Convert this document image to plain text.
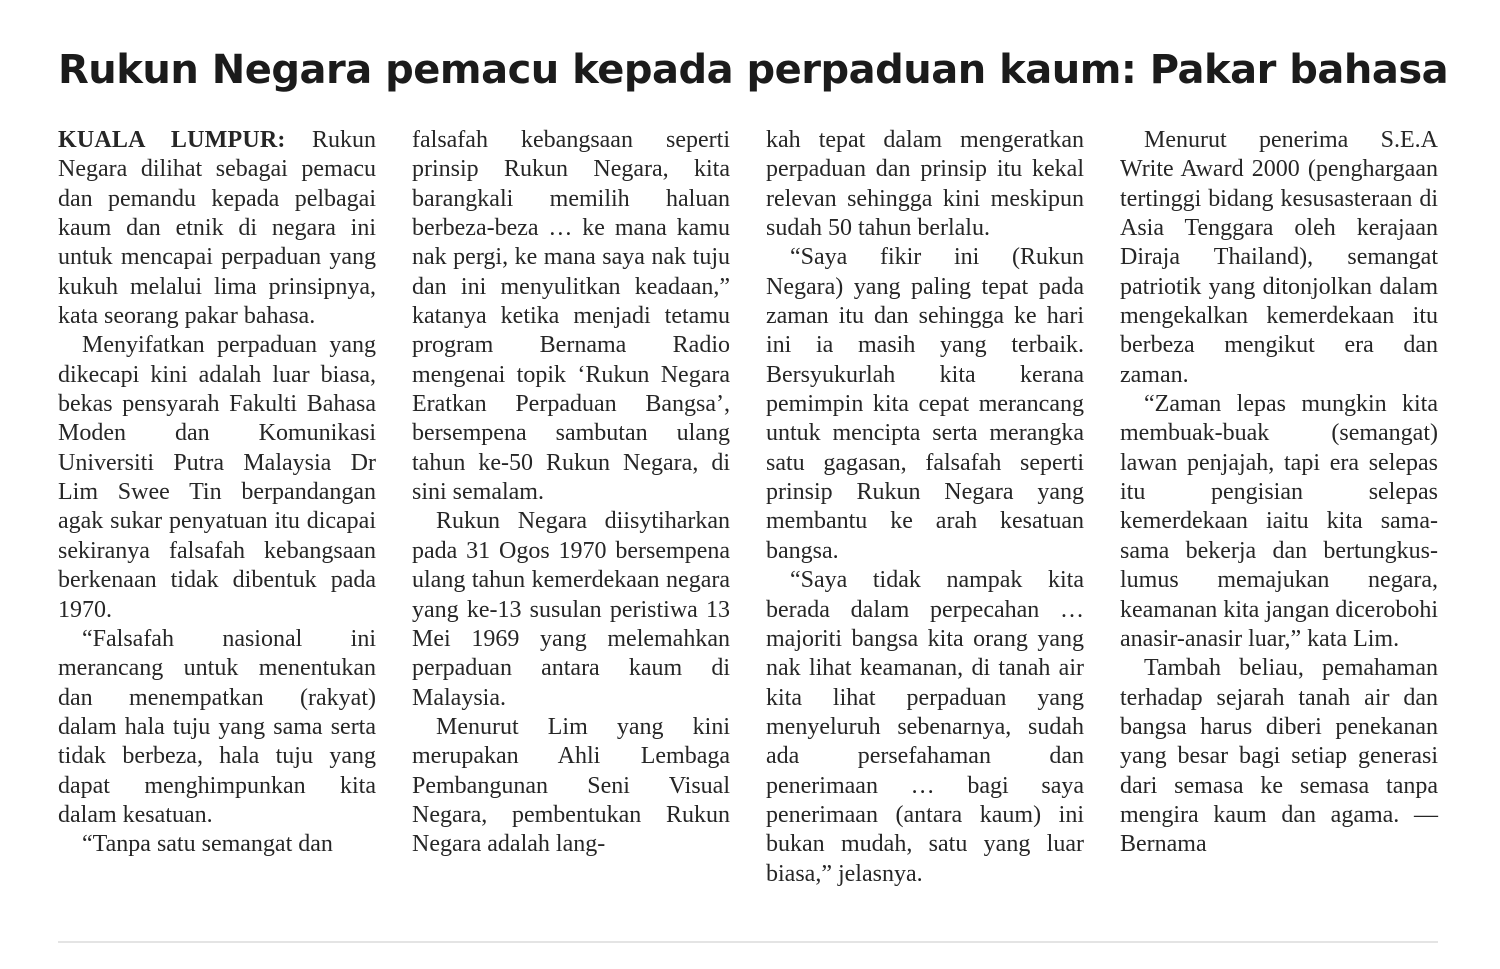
Rukun Negara pemacu kepada perpaduan kaum: Pakar bahasa

KUALA LUMPUR: Rukun Negara dilihat sebagai pemacu dan pemandu kepada pelbagai kaum dan etnik di negara ini untuk mencapai perpaduan yang kukuh melalui lima prinsipnya, kata seorang pakar bahasa.

Menyifatkan perpaduan yang dikecapi kini adalah luar biasa, bekas pensyarah Fakulti Bahasa Moden dan Komunikasi Universiti Putra Malaysia Dr Lim Swee Tin berpandangan agak sukar penyatuan itu dicapai sekiranya falsafah kebangsaan berkenaan tidak dibentuk pada 1970.

“Falsafah nasional ini merancang untuk menentukan dan menempatkan (rakyat) dalam hala tuju yang sama serta tidak berbeza, hala tuju yang dapat menghimpunkan kita dalam kesatuan.

“Tanpa satu semangat dan

falsafah kebangsaan seperti prinsip Rukun Negara, kita barangkali memilih haluan berbeza-beza … ke mana kamu nak pergi, ke mana saya nak tuju dan ini menyulitkan keadaan,” katanya ketika menjadi tetamu program Bernama Radio mengenai topik ‘Rukun Negara Eratkan Perpaduan Bangsa’, bersempena sambutan ulang tahun ke-50 Rukun Negara, di sini semalam.

Rukun Negara diisytiharkan pada 31 Ogos 1970 bersempena ulang tahun kemerdekaan negara yang ke-13 susulan peristiwa 13 Mei 1969 yang melemahkan perpaduan antara kaum di Malaysia.

Menurut Lim yang kini merupakan Ahli Lembaga Pembangunan Seni Visual Negara, pembentukan Rukun Negara adalah lang-

kah tepat dalam mengeratkan perpaduan dan prinsip itu kekal relevan sehingga kini meskipun sudah 50 tahun berlalu.

“Saya fikir ini (Rukun Negara) yang paling tepat pada zaman itu dan sehingga ke hari ini ia masih yang terbaik. Bersyukurlah kita kerana pemimpin kita cepat merancang untuk mencipta serta merangka satu gagasan, falsafah seperti prinsip Rukun Negara yang membantu ke arah kesatuan bangsa.

“Saya tidak nampak kita berada dalam perpecahan … majoriti bangsa kita orang yang nak lihat keamanan, di tanah air kita lihat perpaduan yang menyeluruh sebenarnya, sudah ada persefahaman dan penerimaan … bagi saya penerimaan (antara kaum) ini bukan mudah, satu yang luar biasa,” jelasnya.

Menurut penerima S.E.A Write Award 2000 (penghargaan tertinggi bidang kesusasteraan di Asia Tenggara oleh kerajaan Diraja Thailand), semangat patriotik yang ditonjolkan dalam mengekalkan kemerdekaan itu berbeza mengikut era dan zaman.

“Zaman lepas mungkin kita membuak-buak (semangat) lawan penjajah, tapi era selepas itu pengisian selepas kemerdekaan iaitu kita sama-sama bekerja dan bertungkus-lumus memajukan negara, keamanan kita jangan dicerobohi anasir-anasir luar,” kata Lim.

Tambah beliau, pemahaman terhadap sejarah tanah air dan bangsa harus diberi penekanan yang besar bagi setiap generasi dari semasa ke semasa tanpa mengira kaum dan agama. — Bernama
